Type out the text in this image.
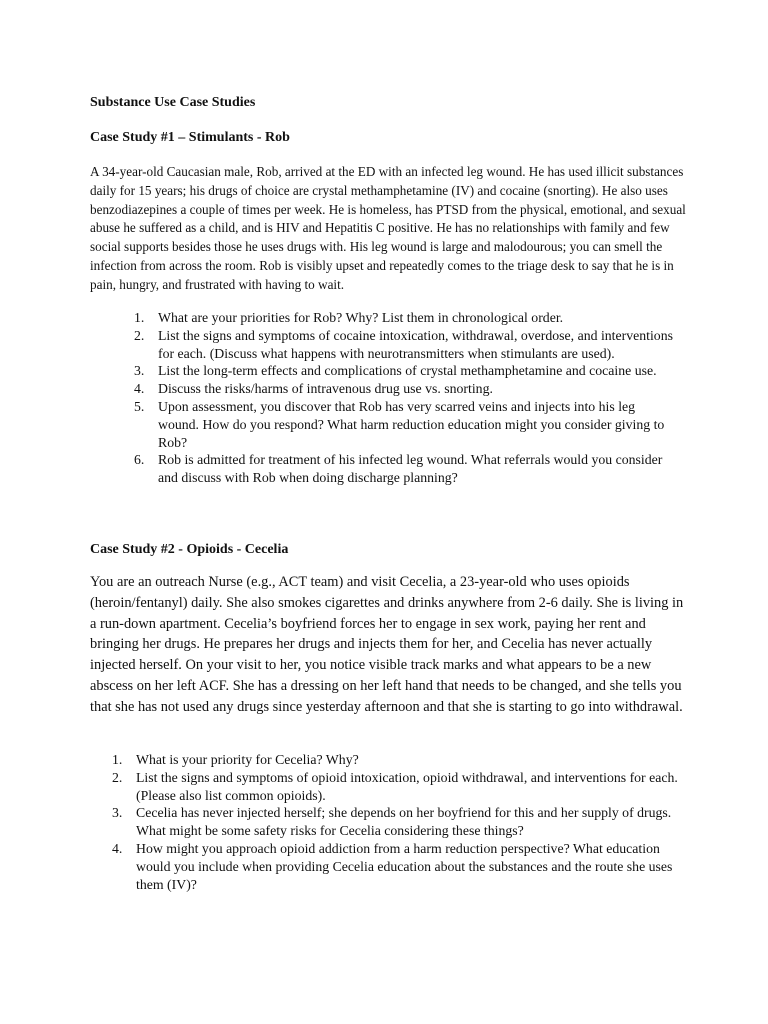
Substance Use Case Studies
Case Study #1 – Stimulants - Rob
A 34-year-old Caucasian male, Rob, arrived at the ED with an infected leg wound. He has used illicit substances daily for 15 years; his drugs of choice are crystal methamphetamine (IV) and cocaine (snorting). He also uses benzodiazepines a couple of times per week. He is homeless, has PTSD from the physical, emotional, and sexual abuse he suffered as a child, and is HIV and Hepatitis C positive. He has no relationships with family and few social supports besides those he uses drugs with. His leg wound is large and malodourous; you can smell the infection from across the room. Rob is visibly upset and repeatedly comes to the triage desk to say that he is in pain, hungry, and frustrated with having to wait.
1. What are your priorities for Rob? Why? List them in chronological order.
2. List the signs and symptoms of cocaine intoxication, withdrawal, overdose, and interventions for each. (Discuss what happens with neurotransmitters when stimulants are used).
3. List the long-term effects and complications of crystal methamphetamine and cocaine use.
4. Discuss the risks/harms of intravenous drug use vs. snorting.
5. Upon assessment, you discover that Rob has very scarred veins and injects into his leg wound. How do you respond? What harm reduction education might you consider giving to Rob?
6. Rob is admitted for treatment of his infected leg wound. What referrals would you consider and discuss with Rob when doing discharge planning?
Case Study #2 - Opioids - Cecelia
You are an outreach Nurse (e.g., ACT team) and visit Cecelia, a 23-year-old who uses opioids (heroin/fentanyl) daily. She also smokes cigarettes and drinks anywhere from 2-6 daily. She is living in a run-down apartment. Cecelia’s boyfriend forces her to engage in sex work, paying her rent and bringing her drugs. He prepares her drugs and injects them for her, and Cecelia has never actually injected herself. On your visit to her, you notice visible track marks and what appears to be a new abscess on her left ACF. She has a dressing on her left hand that needs to be changed, and she tells you that she has not used any drugs since yesterday afternoon and that she is starting to go into withdrawal.
1. What is your priority for Cecelia? Why?
2. List the signs and symptoms of opioid intoxication, opioid withdrawal, and interventions for each. (Please also list common opioids).
3. Cecelia has never injected herself; she depends on her boyfriend for this and her supply of drugs. What might be some safety risks for Cecelia considering these things?
4. How might you approach opioid addiction from a harm reduction perspective? What education would you include when providing Cecelia education about the substances and the route she uses them (IV)?
